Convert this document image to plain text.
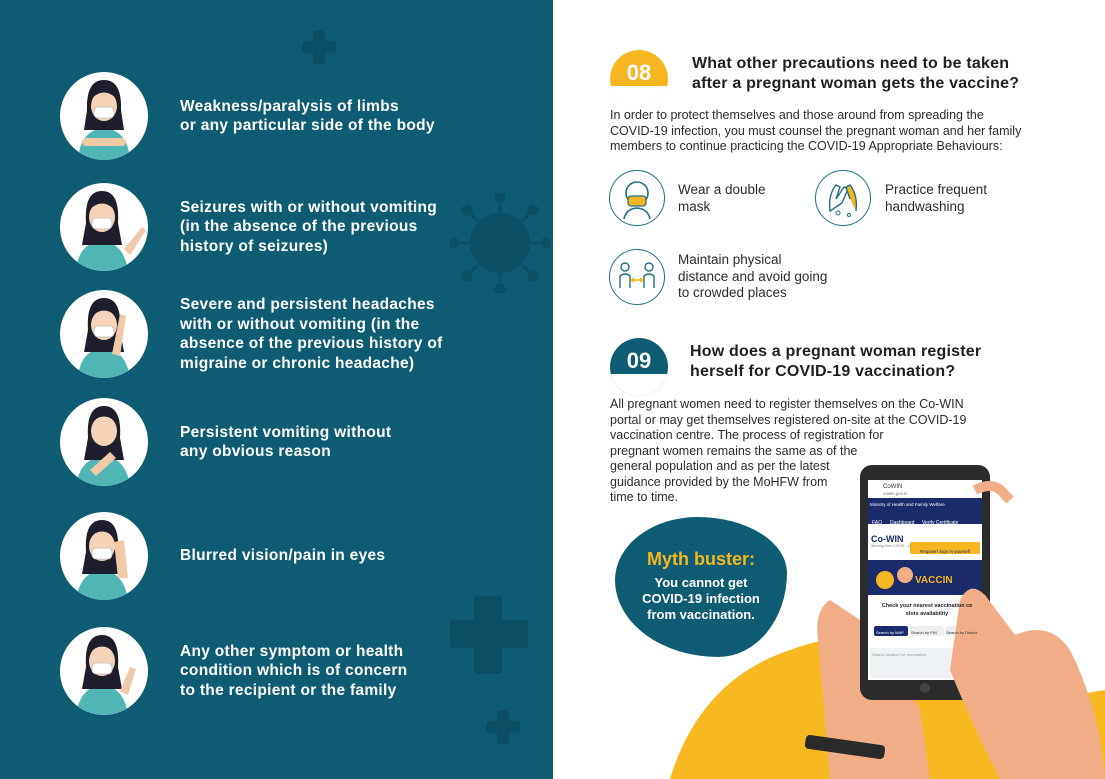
Weakness/paralysis of limbs
or any particular side of the body
Seizures with or without vomiting
(in the absence of the previous
history of seizures)
Severe and persistent headaches
with or without vomiting (in the
absence of the previous history of
migraine or chronic headache)
Persistent vomiting without
any obvious reason
Blurred vision/pain in eyes
Any other symptom or health
condition which is of concern
to the recipient or the family
08	What other precautions need to be taken
after a pregnant woman gets the vaccine?
In order to protect themselves and those around from spreading the
COVID-19 infection, you must counsel the pregnant woman and her family
members to continue practicing the COVID-19 Appropriate Behaviours:
Wear a double
mask
Practice frequent
handwashing
Maintain physical
distance and avoid going
to crowded places
09	How does a pregnant woman register
herself for COVID-19 vaccination?
All pregnant women need to register themselves on the Co-WIN
portal or may get themselves registered on-site at the COVID-19
vaccination centre. The process of registration for
pregnant women remains the same as of the
general population and as per the latest
guidance provided by the MoHFW from
time to time.
CoWIN
cowin.gov.in
Ministry of Health and Family Welfare
FAQ Dashboard Verify Certificate
Co-WIN
Winning Over COVID - 19
Register/ Sign in yourself
VACCIN
Check your nearest vaccination ce
slots availability
Search by MAP Search by PIN Search by District
Search location for vaccination
Myth buster:
You cannot get
COVID-19 infection
from vaccination.
